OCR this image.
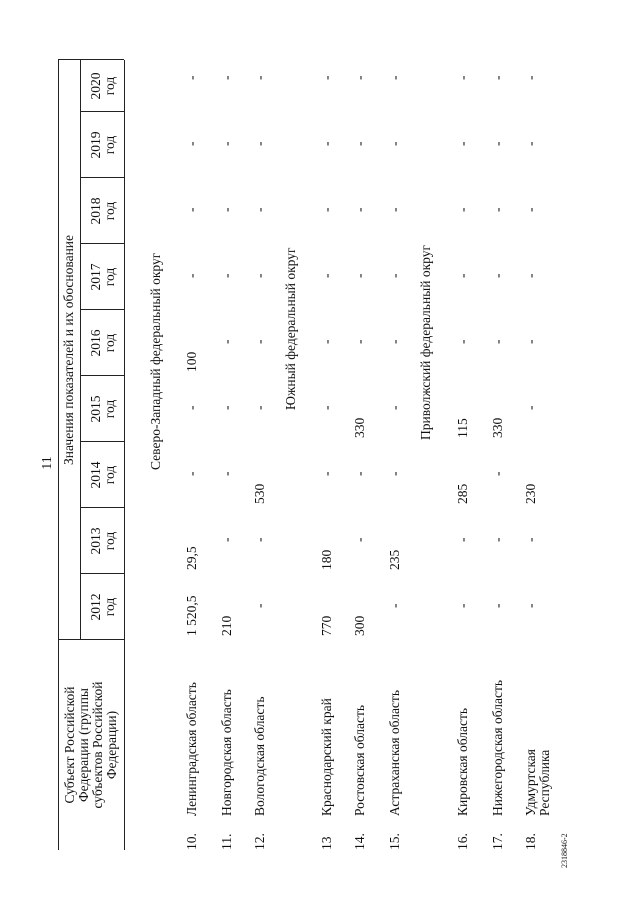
11
Субъект Российской Федерации (группы субъектов Российской Федерации)
Значения показателей и их обоснование
2012 год
2013 год
2014 год
2015 год
2016 год
2017 год
2018 год
2019 год
2020 год
Северо-Западный федеральный округ	Южный федеральный округ	Приволжский федеральный округ
10.
Ленинградская область
1 520,5
29,5
-
-
100
-
-
-
-
11.
Новгородская область
210
-
-
-
-
-
-
-
-
12.
Вологодская область
-
-
530
-
-
-
-
-
-
13
Краснодарский край
770
180
-
-
-
-
-
-
-
14.
Ростовская область
300
-
-
330
-
-
-
-
-
15.
Астраханская область
-
235
-
-
-
-
-
-
-
16.
Кировская область
-
-
285
115
-
-
-
-
-
17.
Нижегородская область
-
-
-
330
-
-
-
-
-
18.
Удмуртская Республика
-
-
230
-
-
-
-
-
-
2318846-2
